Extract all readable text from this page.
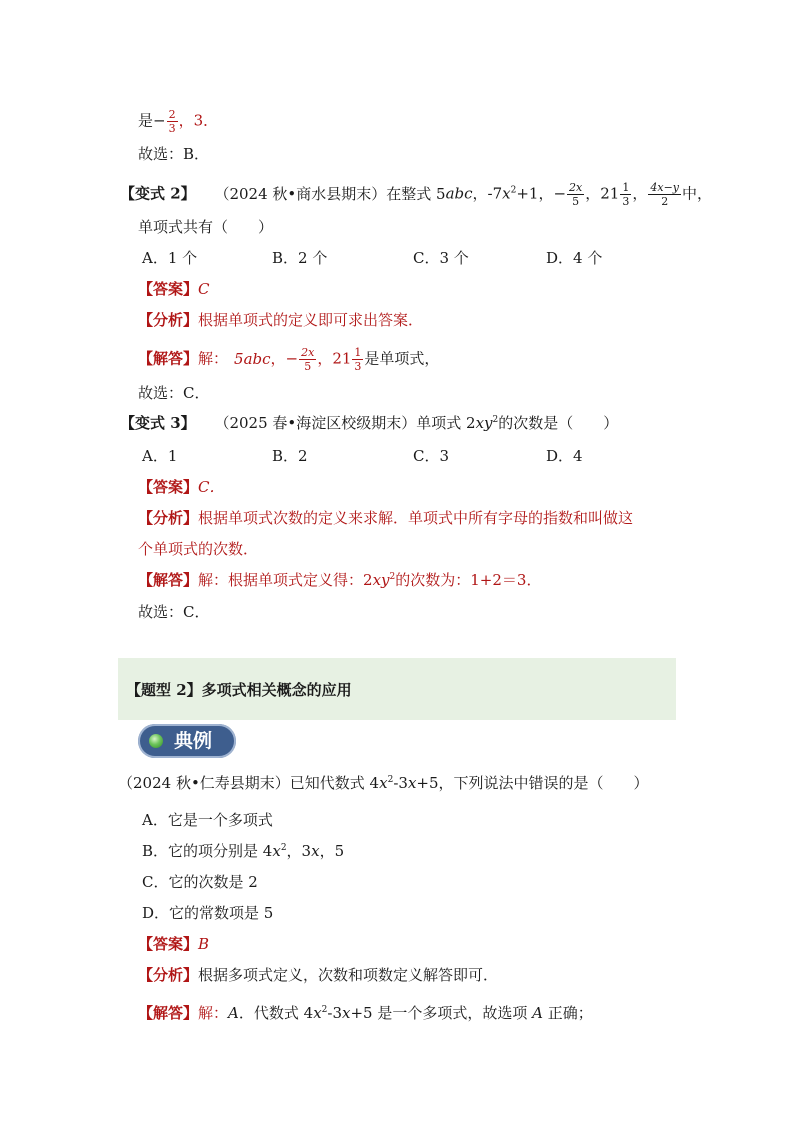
是− $\frac{2}{3}$ ，3．
故选：B．
【变式 2】 （2024 秋•商水县期末）在整式 5abc，$-7x^2+1$，− $\frac{2x}{5}$ ，$21 \frac{1}{3}$ ， $\frac{4x-y}{2}$ 中，
单项式共有（　　）
A．1 个	B．2 个	C．3 个	D．4 个
【答案】C
【分析】根据单项式的定义即可求出答案．
【解答】解： 5abc，− $\frac{2x}{5}$ ，$21 \frac{1}{3}$ 是单项式，
故选：C．
【变式 3】 （2025 春•海淀区校级期末）单项式 $2xy^2$的次数是（　　）
A．1	B．2	C．3	D．4
【答案】C．
【分析】根据单项式次数的定义来求解．单项式中所有字母的指数和叫做这
个单项式的次数．
【解答】解：根据单项式定义得：$2xy^2$的次数为：1+2＝3．
故选：C．
【题型 2】多项式相关概念的应用
典例
（2024 秋•仁寿县期末）已知代数式 $4x^2-3x+5$，下列说法中错误的是（　　）
A．它是一个多项式
B．它的项分别是 $4x^2$，3x，5
C．它的次数是 2
D．它的常数项是 5
【答案】B
【分析】根据多项式定义，次数和项数定义解答即可．
【解答】解：A．代数式 $4x^2-3x+5$ 是一个多项式，故选项 A 正确；
